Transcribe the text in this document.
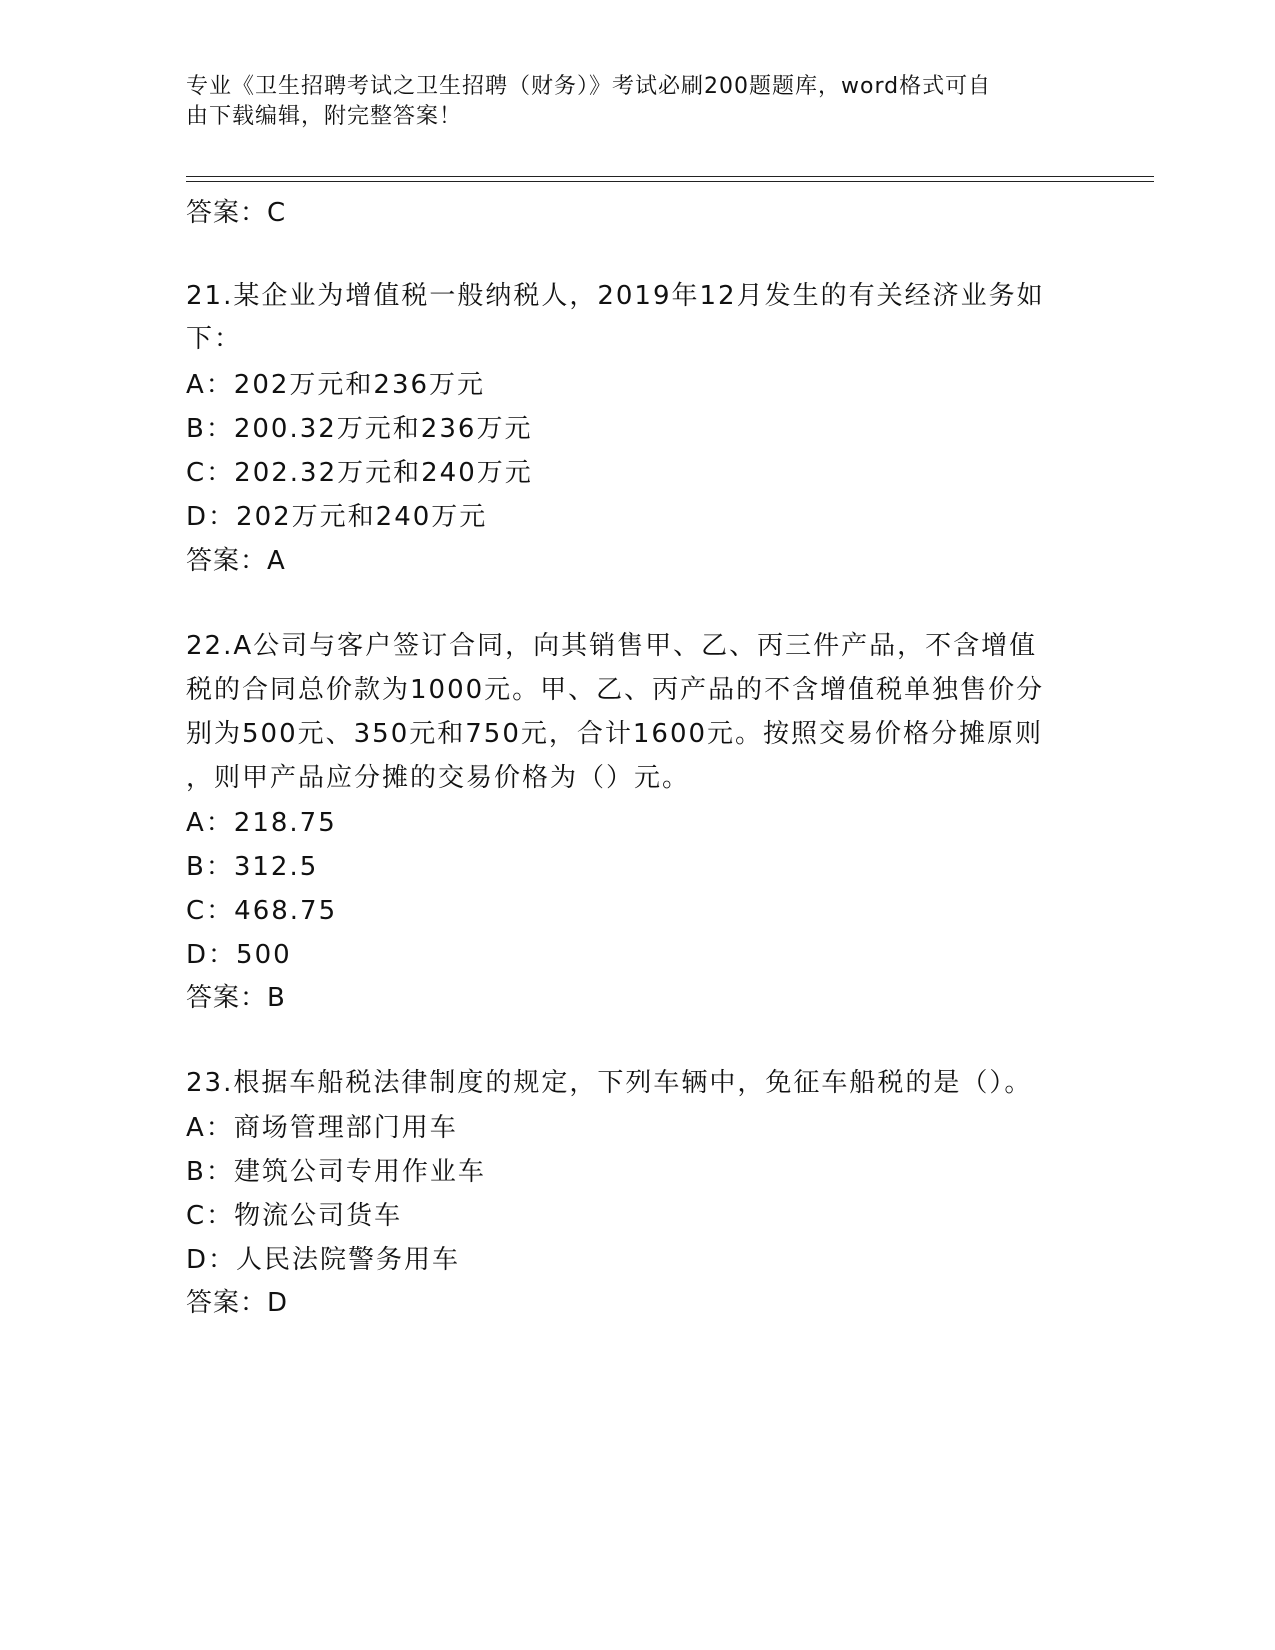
专业《卫生招聘考试之卫生招聘（财务）》考试必刷200题题库，word格式可自
由下载编辑，附完整答案！
答案：C
21.某企业为增值税一般纳税人，2019年12月发生的有关经济业务如
下：
A：202万元和236万元
B：200.32万元和236万元
C：202.32万元和240万元
D：202万元和240万元
答案：A
22.A公司与客户签订合同，向其销售甲、乙、丙三件产品，不含增值
税的合同总价款为1000元。甲、乙、丙产品的不含增值税单独售价分
别为500元、350元和750元，合计1600元。按照交易价格分摊原则
，则甲产品应分摊的交易价格为（）元。
A：218.75
B：312.5
C：468.75
D：500
答案：B
23.根据车船税法律制度的规定，下列车辆中，免征车船税的是（）。
A：商场管理部门用车
B：建筑公司专用作业车
C：物流公司货车
D：人民法院警务用车
答案：D
